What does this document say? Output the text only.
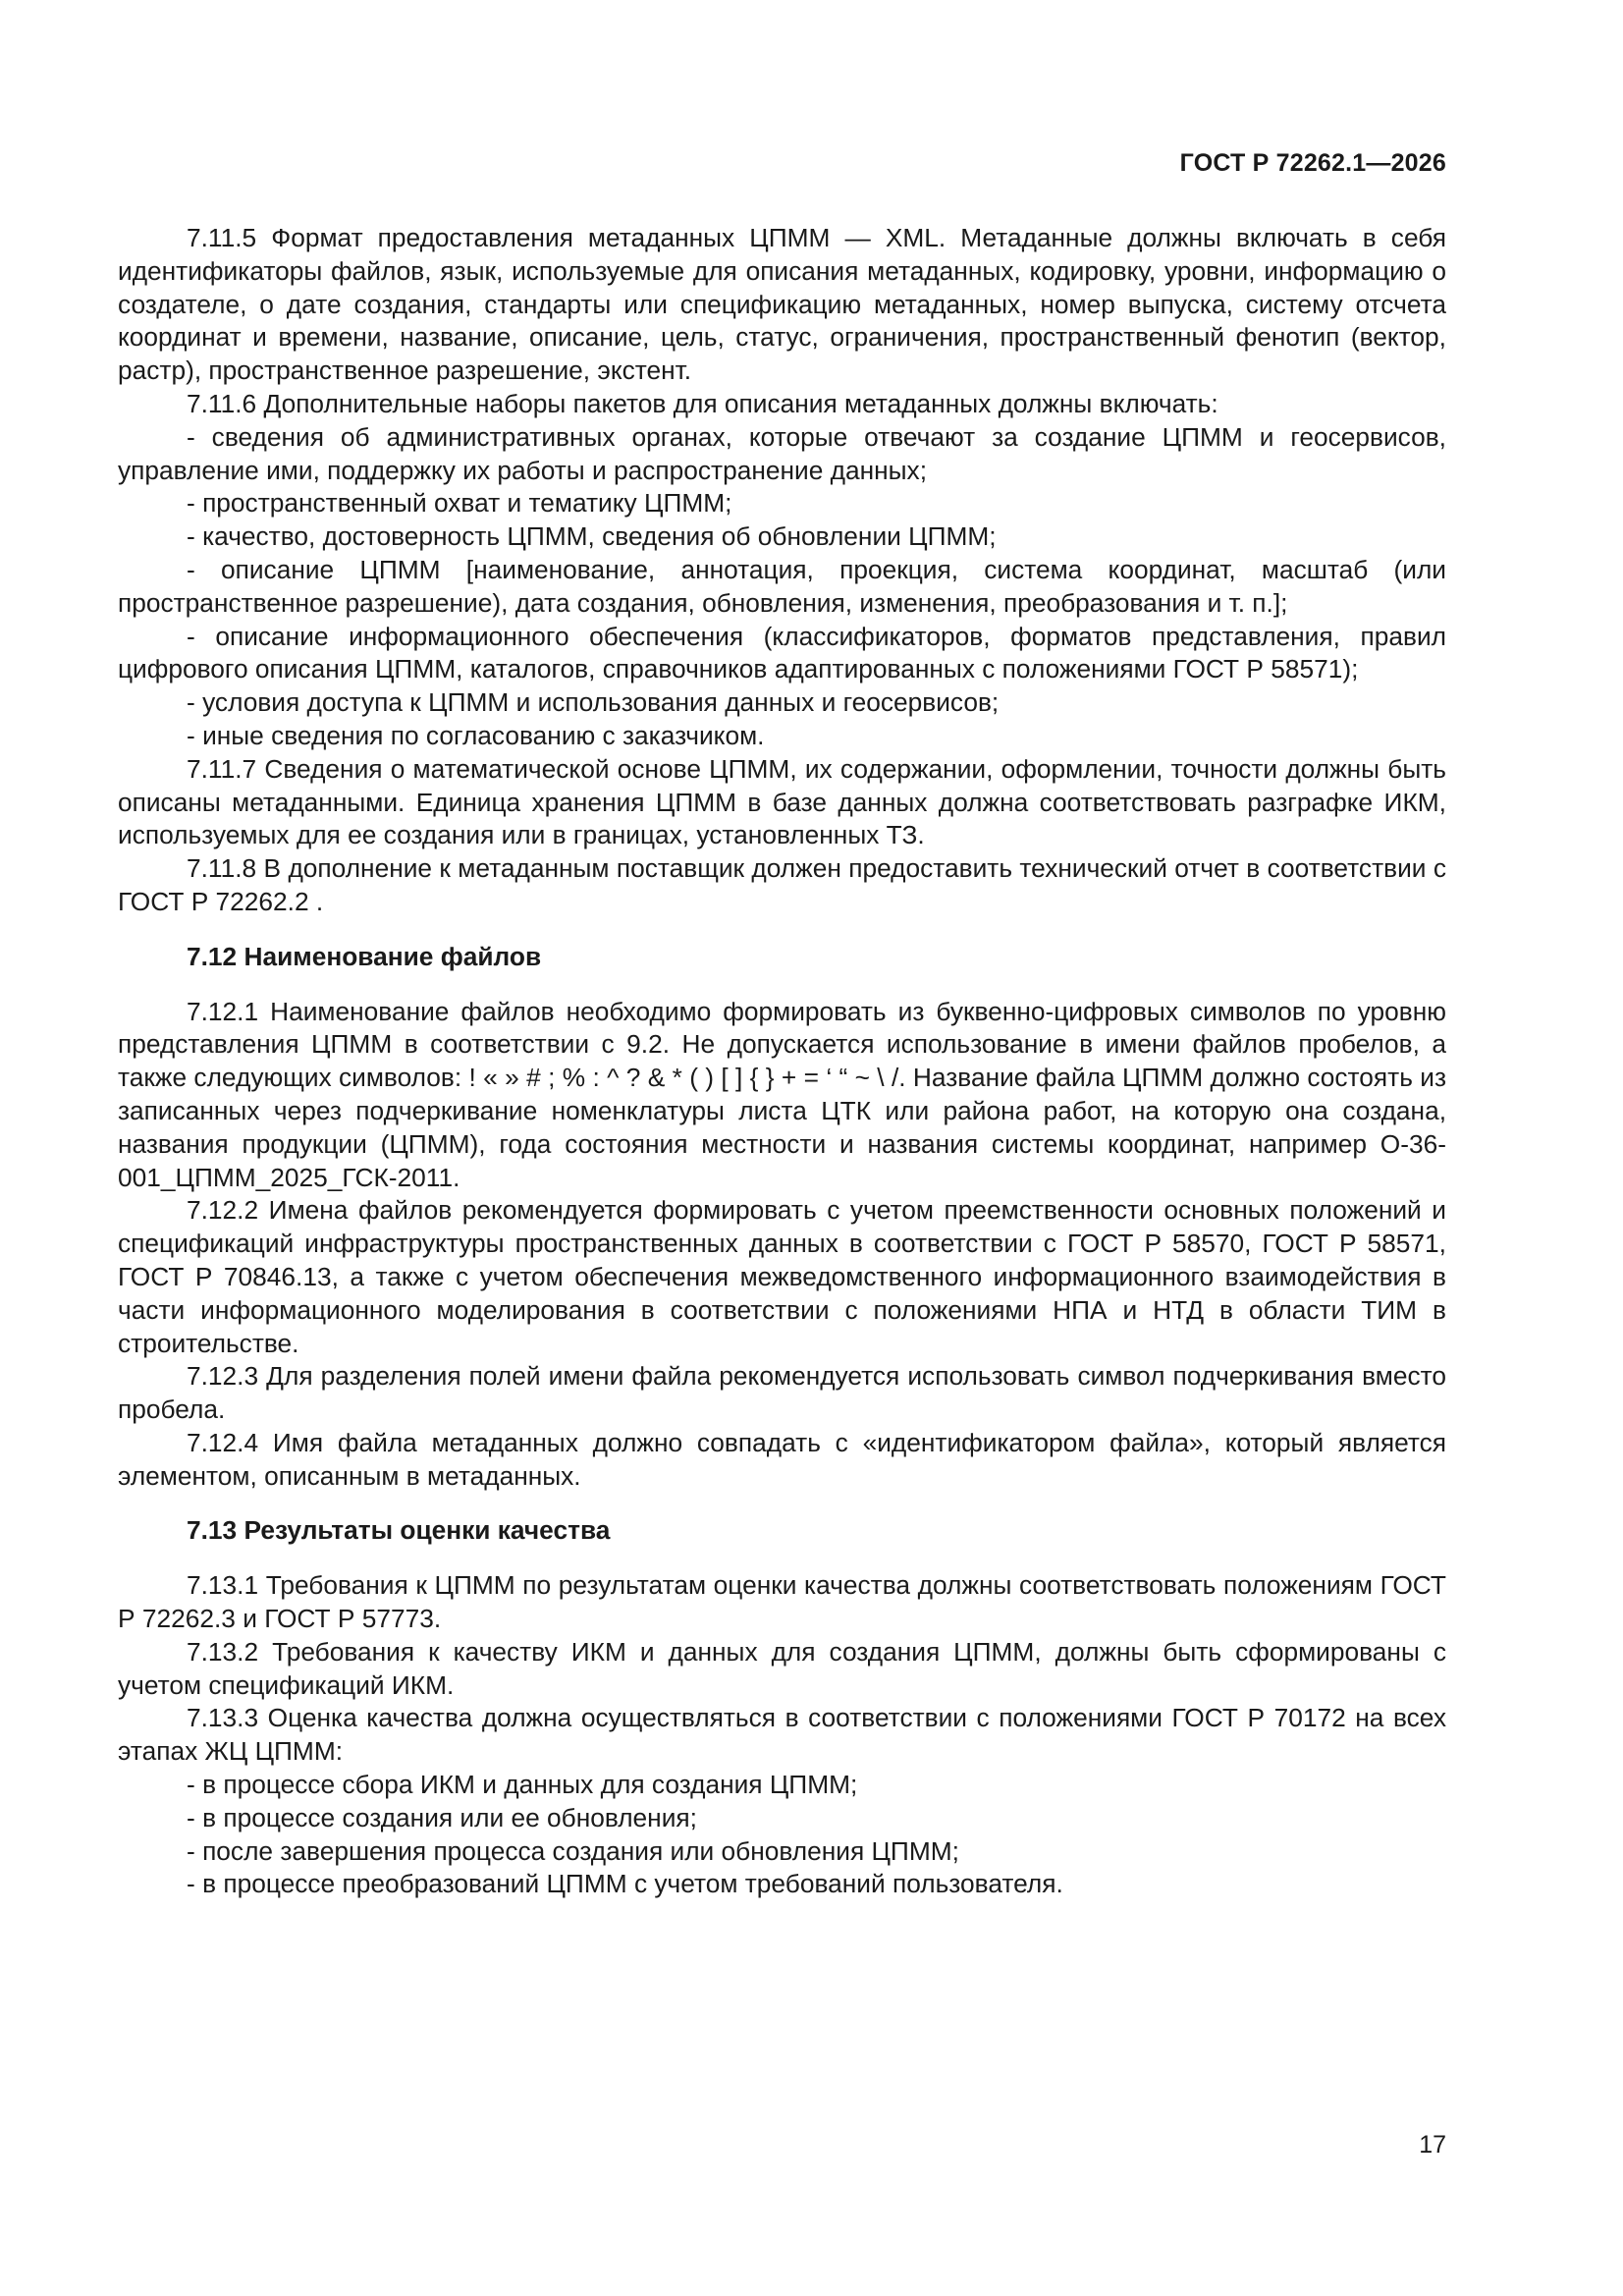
ГОСТ Р 72262.1—2026

7.11.5 Формат предоставления метаданных ЦПММ — XML. Метаданные должны включать в себя идентификаторы файлов, язык, используемые для описания метаданных, кодировку, уровни, информацию о создателе, о дате создания, стандарты или спецификацию метаданных, номер выпуска, систему отсчета координат и времени, название, описание, цель, статус, ограничения, пространственный фенотип (вектор, растр), пространственное разрешение, экстент.

7.11.6 Дополнительные наборы пакетов для описания метаданных должны включать:

- сведения об административных органах, которые отвечают за создание ЦПММ и геосервисов, управление ими, поддержку их работы и распространение данных;

- пространственный охват и тематику ЦПММ;

- качество, достоверность ЦПММ, сведения об обновлении ЦПММ;

- описание ЦПММ [наименование, аннотация, проекция, система координат, масштаб (или пространственное разрешение), дата создания, обновления, изменения, преобразования и т. п.];

- описание информационного обеспечения (классификаторов, форматов представления, правил цифрового описания ЦПММ, каталогов, справочников адаптированных с положениями ГОСТ Р 58571);

- условия доступа к ЦПММ и использования данных и геосервисов;

- иные сведения по согласованию с заказчиком.

7.11.7 Сведения о математической основе ЦПММ, их содержании, оформлении, точности должны быть описаны метаданными. Единица хранения ЦПММ в базе данных должна соответствовать разграфке ИКМ, используемых для ее создания или в границах, установленных ТЗ.

7.11.8 В дополнение к метаданным поставщик должен предоставить технический отчет в соответствии с ГОСТ Р 72262.2 .

7.12 Наименование файлов

7.12.1 Наименование файлов необходимо формировать из буквенно-цифровых символов по уровню представления ЦПММ в соответствии с 9.2. Не допускается использование в имени файлов пробелов, а также следующих символов: ! « » # ; % : ^ ? & * ( ) [ ] { } + = ‘ “ ~ \ /. Название файла ЦПММ должно состоять из записанных через подчеркивание номенклатуры листа ЦТК или района работ, на которую она создана, названия продукции (ЦПММ), года состояния местности и названия системы координат, например О-36-001_ЦПММ_2025_ГСК-2011.

7.12.2 Имена файлов рекомендуется формировать с учетом преемственности основных положений и спецификаций инфраструктуры пространственных данных в соответствии с ГОСТ Р 58570, ГОСТ Р 58571, ГОСТ Р 70846.13, а также с учетом обеспечения межведомственного информационного взаимодействия в части информационного моделирования в соответствии с положениями НПА и НТД в области ТИМ в строительстве.

7.12.3 Для разделения полей имени файла рекомендуется использовать символ подчеркивания вместо пробела.

7.12.4 Имя файла метаданных должно совпадать с «идентификатором файла», который является элементом, описанным в метаданных.

7.13 Результаты оценки качества

7.13.1 Требования к ЦПММ по результатам оценки качества должны соответствовать положениям ГОСТ Р 72262.3 и ГОСТ Р 57773.

7.13.2 Требования к качеству ИКМ и данных для создания ЦПММ, должны быть сформированы с учетом спецификаций ИКМ.

7.13.3 Оценка качества должна осуществляться в соответствии с положениями ГОСТ Р 70172 на всех этапах ЖЦ ЦПММ:

- в процессе сбора ИКМ и данных для создания ЦПММ;

- в процессе создания или ее обновления;

- после завершения процесса создания или обновления ЦПММ;

- в процессе преобразований ЦПММ с учетом требований пользователя.

17
